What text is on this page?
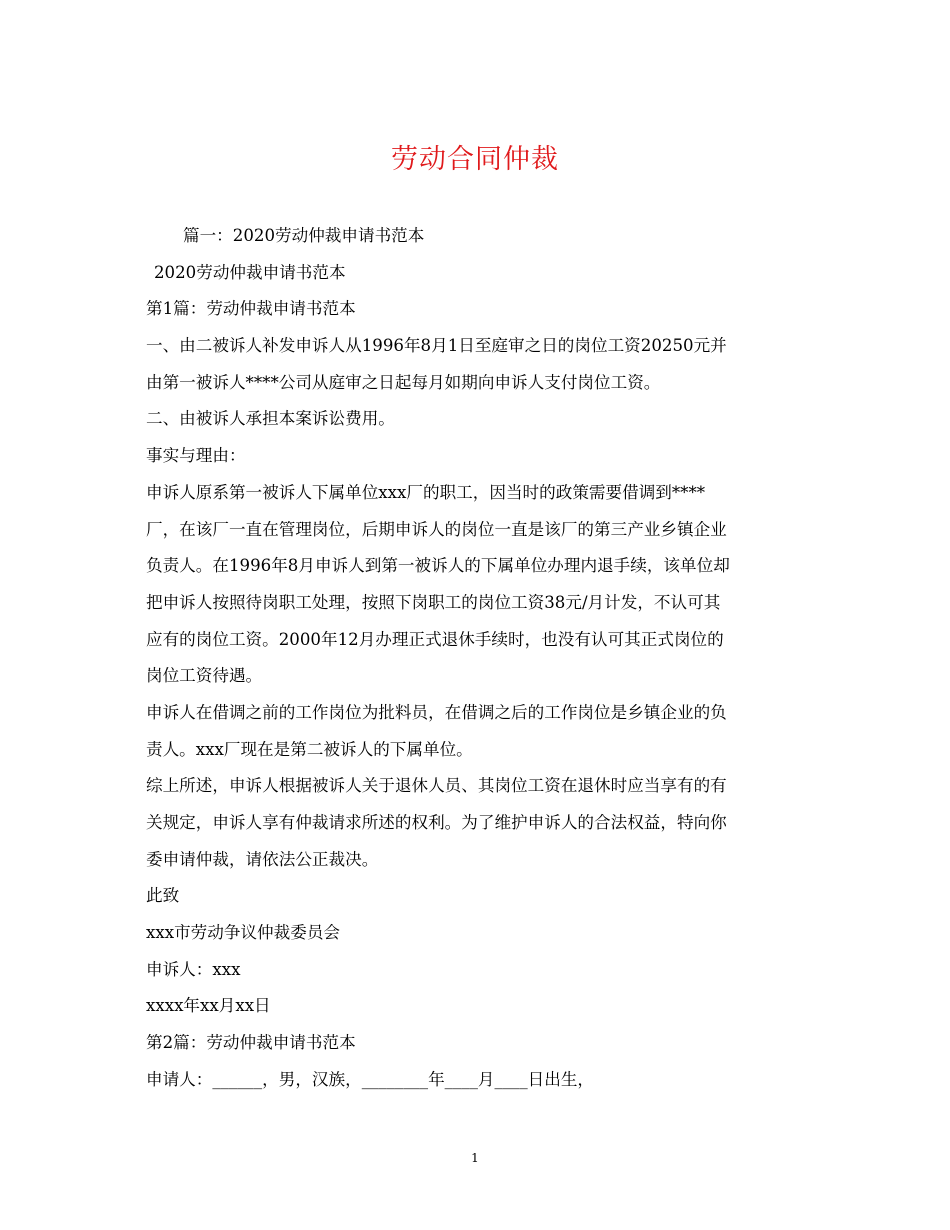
劳动合同仲裁
篇一：2020劳动仲裁申请书范本
2020劳动仲裁申请书范本
第1篇：劳动仲裁申请书范本
一、由二被诉人补发申诉人从1996年8月1日至庭审之日的岗位工资20250元并
由第一被诉人****公司从庭审之日起每月如期向申诉人支付岗位工资。
二、由被诉人承担本案诉讼费用。
事实与理由：
申诉人原系第一被诉人下属单位xxx厂的职工，因当时的政策需要借调到****
厂，在该厂一直在管理岗位，后期申诉人的岗位一直是该厂的第三产业乡镇企业
负责人。在1996年8月申诉人到第一被诉人的下属单位办理内退手续，该单位却
把申诉人按照待岗职工处理，按照下岗职工的岗位工资38元/月计发，不认可其
应有的岗位工资。2000年12月办理正式退休手续时，也没有认可其正式岗位的
岗位工资待遇。
申诉人在借调之前的工作岗位为批料员，在借调之后的工作岗位是乡镇企业的负
责人。xxx厂现在是第二被诉人的下属单位。
综上所述，申诉人根据被诉人关于退休人员、其岗位工资在退休时应当享有的有
关规定，申诉人享有仲裁请求所述的权利。为了维护申诉人的合法权益，特向你
委申请仲裁，请依法公正裁决。
此致
xxx市劳动争议仲裁委员会
申诉人：xxx
xxxx年xx月xx日
第2篇：劳动仲裁申请书范本
申请人：______，男，汉族，________年____月____日出生，
1
